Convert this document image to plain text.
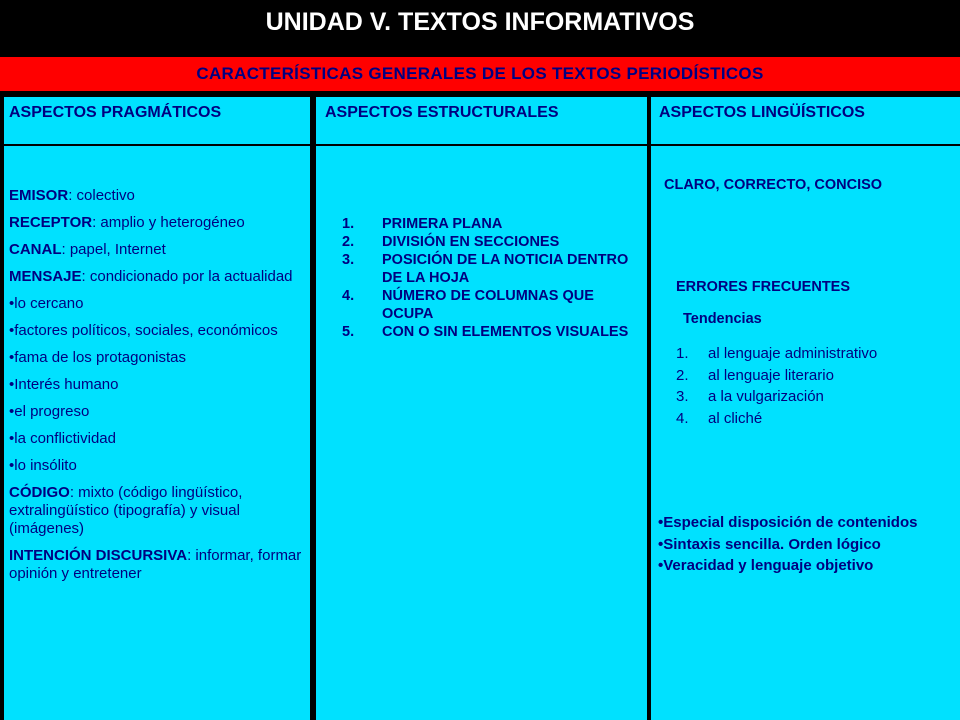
UNIDAD V. TEXTOS INFORMATIVOS
CARACTERÍSTICAS GENERALES DE LOS TEXTOS PERIODÍSTICOS
ASPECTOS PRAGMÁTICOS	ASPECTOS ESTRUCTURALES	ASPECTOS LINGÜÍSTICOS
EMISOR: colectivo
RECEPTOR: amplio y heterogéneo
CANAL: papel, Internet
MENSAJE: condicionado por la actualidad
•lo cercano
•factores políticos, sociales, económicos
•fama de los protagonistas
•Interés humano
•el progreso
•la conflictividad
•lo insólito
CÓDIGO: mixto (código lingüístico, extralingüístico (tipografía) y visual (imágenes)
INTENCIÓN DISCURSIVA: informar, formar opinión y entretener
1.	PRIMERA PLANA
2.	DIVISIÓN EN SECCIONES
3.	POSICIÓN DE LA NOTICIA DENTRO DE LA HOJA
4.	NÚMERO DE COLUMNAS QUE OCUPA
5.	CON O SIN ELEMENTOS VISUALES
CLARO, CORRECTO, CONCISO
ERRORES FRECUENTES
Tendencias
1.	al lenguaje administrativo
2.	al lenguaje literario
3.	a la vulgarización
4.	al cliché
•Especial disposición de contenidos
•Sintaxis sencilla. Orden lógico
•Veracidad y lenguaje objetivo
